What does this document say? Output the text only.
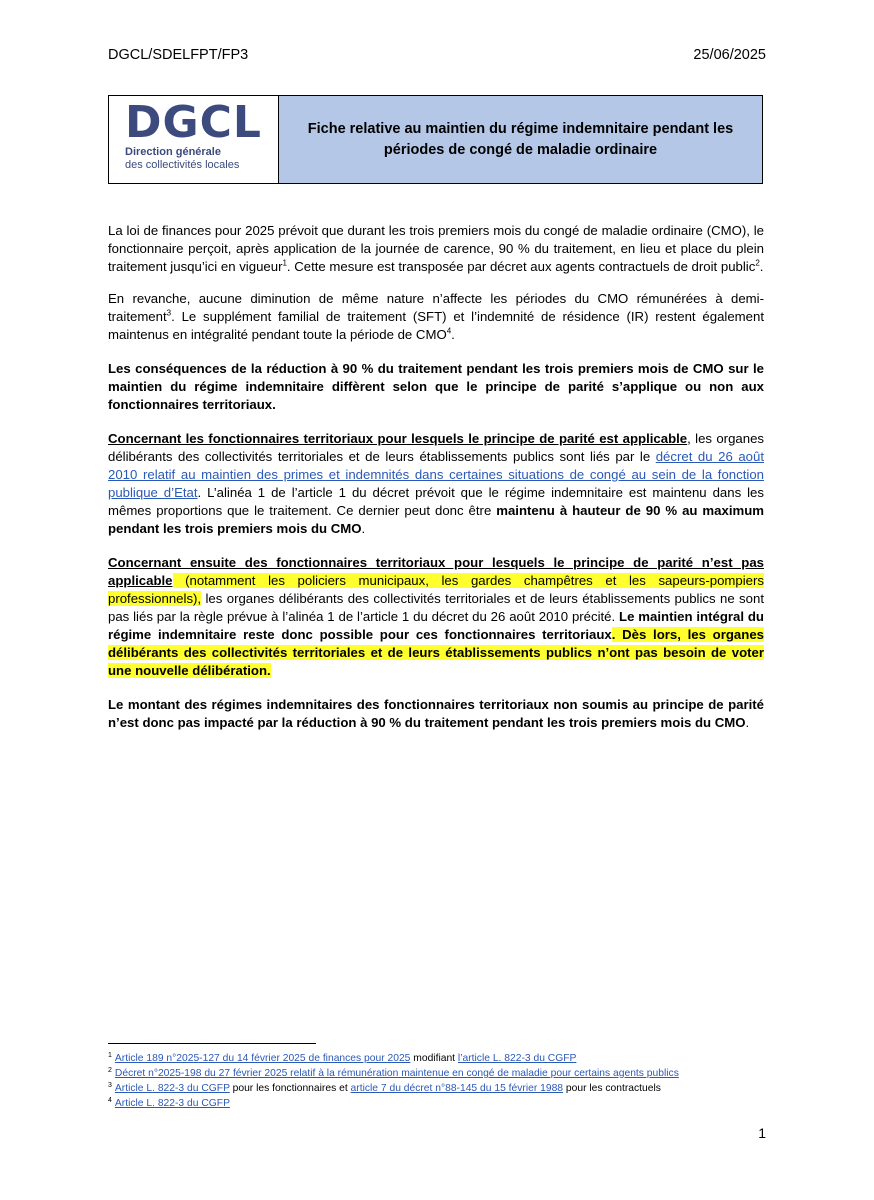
DGCL/SDELFPT/FP3	25/06/2025
DGCL
Direction générale
des collectivités locales
Fiche relative au maintien du régime indemnitaire pendant les périodes de congé de maladie ordinaire

La loi de finances pour 2025 prévoit que durant les trois premiers mois du congé de maladie ordinaire (CMO), le fonctionnaire perçoit, après application de la journée de carence, 90 % du traitement, en lieu et place du plein traitement jusqu’ici en vigueur$^1$. Cette mesure est transposée par décret aux agents contractuels de droit public$^2$.

En revanche, aucune diminution de même nature n’affecte les périodes du CMO rémunérées à demi-traitement$^3$. Le supplément familial de traitement (SFT) et l’indemnité de résidence (IR) restent également maintenus en intégralité pendant toute la période de CMO$^4$.

Les conséquences de la réduction à 90 % du traitement pendant les trois premiers mois de CMO sur le maintien du régime indemnitaire diffèrent selon que le principe de parité s’applique ou non aux fonctionnaires territoriaux.

Concernant les fonctionnaires territoriaux pour lesquels le principe de parité est applicable, les organes délibérants des collectivités territoriales et de leurs établissements publics sont liés par le décret du 26 août 2010 relatif au maintien des primes et indemnités dans certaines situations de congé au sein de la fonction publique d’Etat. L’alinéa 1 de l’article 1 du décret prévoit que le régime indemnitaire est maintenu dans les mêmes proportions que le traitement. Ce dernier peut donc être maintenu à hauteur de 90 % au maximum pendant les trois premiers mois du CMO.

Concernant ensuite des fonctionnaires territoriaux pour lesquels le principe de parité n’est pas applicable (notamment les policiers municipaux, les gardes champêtres et les sapeurs-pompiers professionnels), les organes délibérants des collectivités territoriales et de leurs établissements publics ne sont pas liés par la règle prévue à l’alinéa 1 de l’article 1 du décret du 26 août 2010 précité. Le maintien intégral du régime indemnitaire reste donc possible pour ces fonctionnaires territoriaux. Dès lors, les organes délibérants des collectivités territoriales et de leurs établissements publics n’ont pas besoin de voter une nouvelle délibération.

Le montant des régimes indemnitaires des fonctionnaires territoriaux non soumis au principe de parité n’est donc pas impacté par la réduction à 90 % du traitement pendant les trois premiers mois du CMO.

$^1$ Article 189 n°2025-127 du 14 février 2025 de finances pour 2025 modifiant l’article L. 822-3 du CGFP
$^2$ Décret n°2025-198 du 27 février 2025 relatif à la rémunération maintenue en congé de maladie pour certains agents publics
$^3$ Article L. 822-3 du CGFP pour les fonctionnaires et article 7 du décret n°88-145 du 15 février 1988 pour les contractuels
$^4$ Article L. 822-3 du CGFP
1
